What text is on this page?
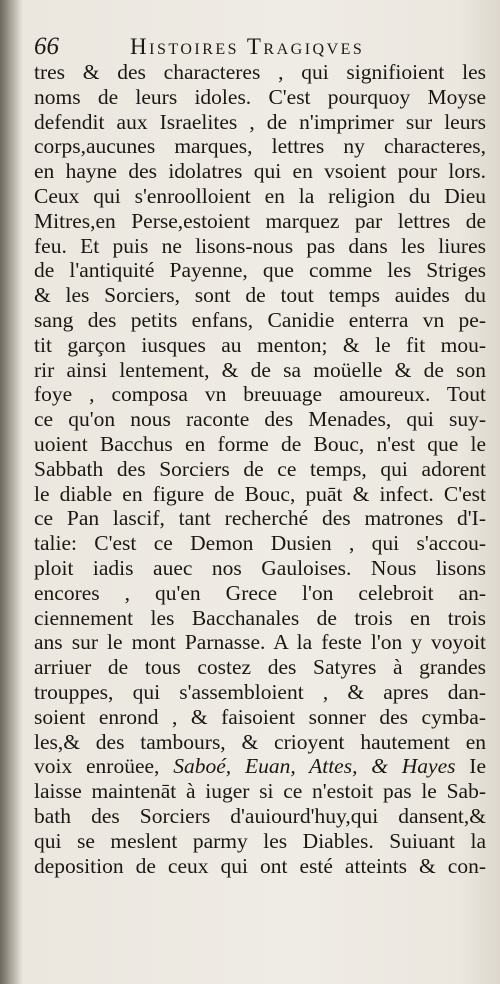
66	Histoires Tragiqves
tres & des characteres , qui signifioient les
noms de leurs idoles. C'est pourquoy Moyse
defendit aux Israelites , de n'imprimer sur leurs
corps,aucunes marques, lettres ny characteres,
en hayne des idolatres qui en vsoient pour lors.
Ceux qui s'enroolloient en la religion du Dieu
Mitres,en Perse,estoient marquez par lettres de
feu. Et puis ne lisons-nous pas dans les liures
de l'antiquité Payenne, que comme les Striges
& les Sorciers, sont de tout temps auides du
sang des petits enfans, Canidie enterra vn pe-
tit garçon iusques au menton; & le fit mou-
rir ainsi lentement, & de sa moüelle & de son
foye , composa vn breuuage amoureux. Tout
ce qu'on nous raconte des Menades, qui suy-
uoient Bacchus en forme de Bouc, n'est que le
Sabbath des Sorciers de ce temps, qui adorent
le diable en figure de Bouc, puāt & infect. C'est
ce Pan lascif, tant recherché des matrones d'I-
talie: C'est ce Demon Dusien , qui s'accou-
ploit iadis auec nos Gauloises. Nous lisons
encores , qu'en Grece l'on celebroit an-
ciennement les Bacchanales de trois en trois
ans sur le mont Parnasse. A la feste l'on y voyoit
arriuer de tous costez des Satyres à grandes
trouppes, qui s'assembloient , & apres dan-
soient enrond , & faisoient sonner des cymba-
les,& des tambours, & crioyent hautement en
voix enroüee, Saboé, Euan, Attes, & Hayes Ie
laisse maintenāt à iuger si ce n'estoit pas le Sab-
bath des Sorciers d'auiourd'huy,qui dansent,&
qui se meslent parmy les Diables. Suiuant la
deposition de ceux qui ont esté atteints & con-
